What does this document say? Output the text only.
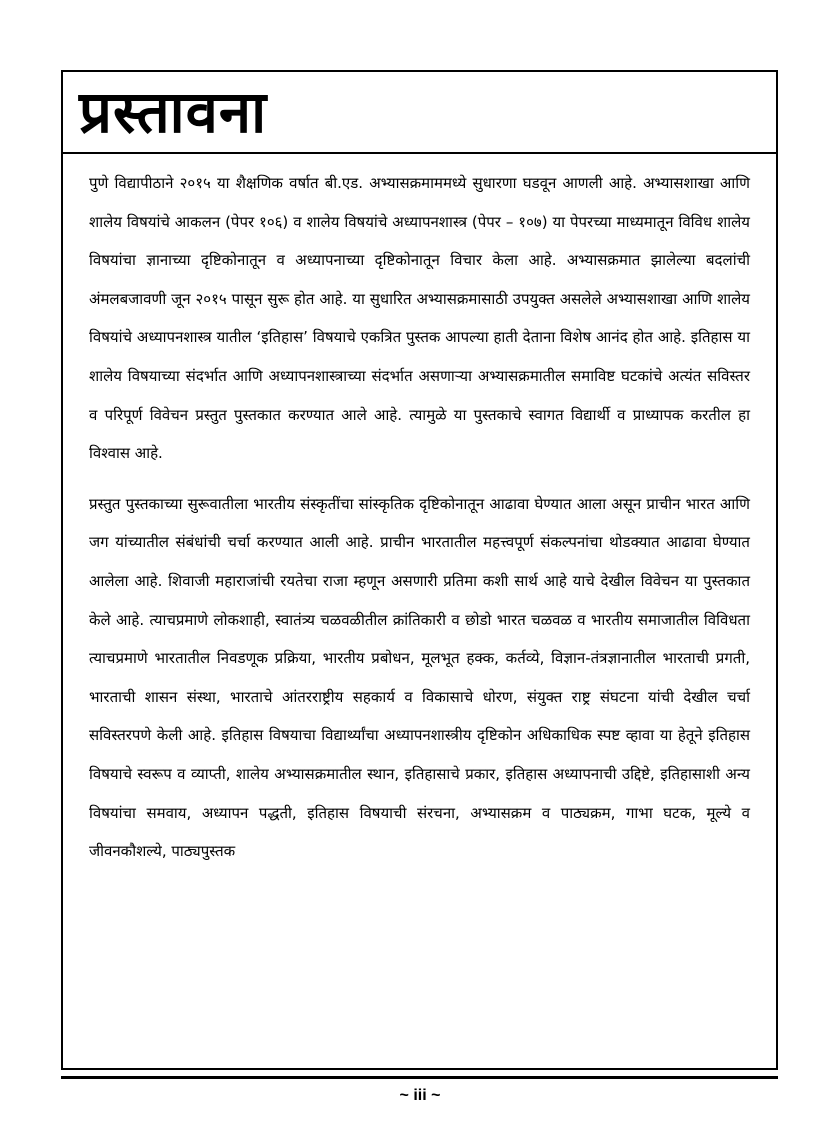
प्रस्तावना

पुणे विद्यापीठाने २०१५ या शैक्षणिक वर्षात बी.एड. अभ्यासक्रमाममध्ये सुधारणा घडवून आणली आहे. अभ्यासशाखा आणि शालेय विषयांचे आकलन (पेपर १०६) व शालेय विषयांचे अध्यापनशास्त्र (पेपर – १०७) या पेपरच्या माध्यमातून विविध शालेय विषयांचा ज्ञानाच्या दृष्टिकोनातून व अध्यापनाच्या दृष्टिकोनातून विचार केला आहे. अभ्यासक्रमात झालेल्या बदलांची अंमलबजावणी जून २०१५ पासून सुरू होत आहे. या सुधारित अभ्यासक्रमासाठी उपयुक्त असलेले अभ्यासशाखा आणि शालेय विषयांचे अध्यापनशास्त्र यातील ‘इतिहास’ विषयाचे एकत्रित पुस्तक आपल्या हाती देताना विशेष आनंद होत आहे. इतिहास या शालेय विषयाच्या संदर्भात आणि अध्यापनशास्त्राच्या संदर्भात असणाऱ्या अभ्यासक्रमातील समाविष्ट घटकांचे अत्यंत सविस्तर व परिपूर्ण विवेचन प्रस्तुत पुस्तकात करण्यात आले आहे. त्यामुळे या पुस्तकाचे स्वागत विद्यार्थी व प्राध्यापक करतील हा विश्वास आहे.

प्रस्तुत पुस्तकाच्या सुरूवातीला भारतीय संस्कृतींचा सांस्कृतिक दृष्टिकोनातून आढावा घेण्यात आला असून प्राचीन भारत आणि जग यांच्यातील संबंधांची चर्चा करण्यात आली आहे. प्राचीन भारतातील महत्त्वपूर्ण संकल्पनांचा थोडक्यात आढावा घेण्यात आलेला आहे. शिवाजी महाराजांची रयतेचा राजा म्हणून असणारी प्रतिमा कशी सार्थ आहे याचे देखील विवेचन या पुस्तकात केले आहे. त्याचप्रमाणे लोकशाही, स्वातंत्र्य चळवळीतील क्रांतिकारी व छोडो भारत चळवळ व भारतीय समाजातील विविधता त्याचप्रमाणे भारतातील निवडणूक प्रक्रिया, भारतीय प्रबोधन, मूलभूत हक्क, कर्तव्ये, विज्ञान-तंत्रज्ञानातील भारताची प्रगती, भारताची शासन संस्था, भारताचे आंतरराष्ट्रीय सहकार्य व विकासाचे धोरण, संयुक्त राष्ट्र संघटना यांची देखील चर्चा सविस्तरपणे केली आहे. इतिहास विषयाचा विद्यार्थ्यांचा अध्यापनशास्त्रीय दृष्टिकोन अधिकाधिक स्पष्ट व्हावा या हेतूने इतिहास विषयाचे स्वरूप व व्याप्ती, शालेय अभ्यासक्रमातील स्थान, इतिहासाचे प्रकार, इतिहास अध्यापनाची उद्दिष्टे, इतिहासाशी अन्य विषयांचा समवाय, अध्यापन पद्धती, इतिहास विषयाची संरचना, अभ्यासक्रम व पाठ्यक्रम, गाभा घटक, मूल्ये व जीवनकौशल्ये, पाठ्यपुस्तक

~ iii ~
